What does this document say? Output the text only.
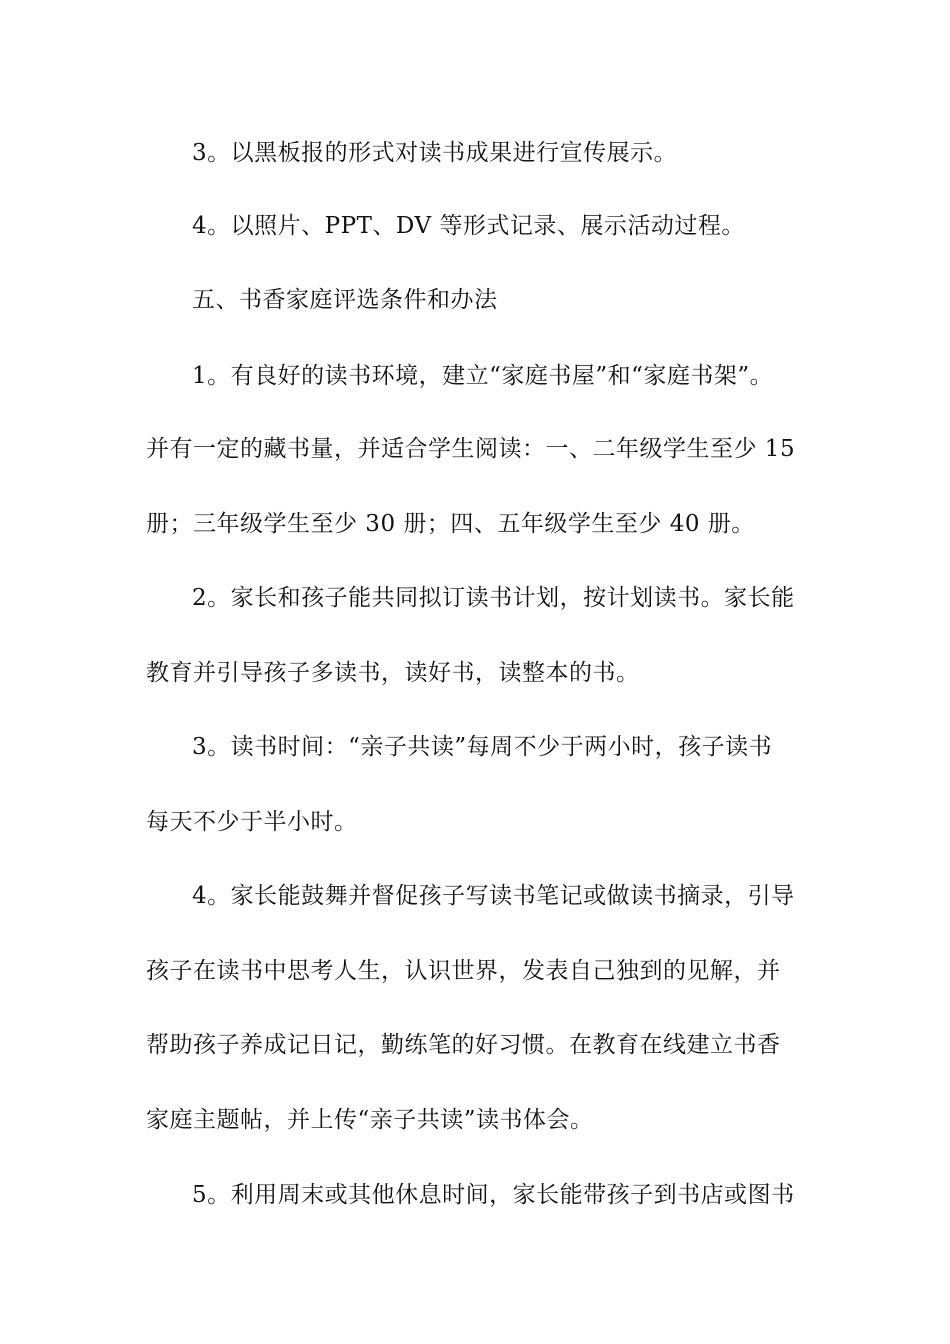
3。以黑板报的形式对读书成果进行宣传展示。
4。以照片、PPT、DV 等形式记录、展示活动过程。
五、书香家庭评选条件和办法
1。有良好的读书环境，建立“家庭书屋”和“家庭书架”。
并有一定的藏书量，并适合学生阅读：一、二年级学生至少 15
册；三年级学生至少 30 册；四、五年级学生至少 40 册。
2。家长和孩子能共同拟订读书计划，按计划读书。家长能
教育并引导孩子多读书，读好书，读整本的书。
3。读书时间：“亲子共读”每周不少于两小时，孩子读书
每天不少于半小时。
4。家长能鼓舞并督促孩子写读书笔记或做读书摘录，引导
孩子在读书中思考人生，认识世界，发表自己独到的见解，并
帮助孩子养成记日记，勤练笔的好习惯。在教育在线建立书香
家庭主题帖，并上传“亲子共读”读书体会。
5。利用周末或其他休息时间，家长能带孩子到书店或图书
